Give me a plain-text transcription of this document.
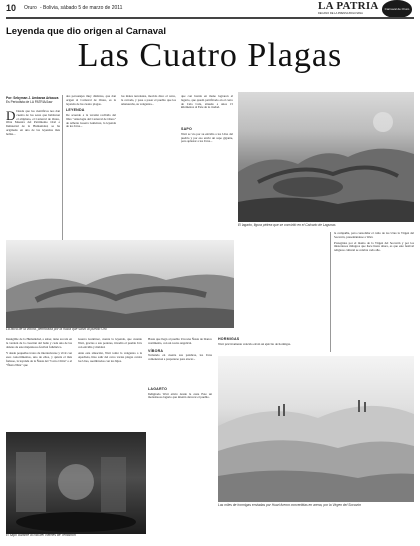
10 Oruro - Bolivia, sábado 5 de marzo de 2011	LA PATRIA
DECANO DE LA PRENSA BOLIVIANA
Carnaval de Oruro
Leyenda que dio origen al Carnaval
Las Cuatro Plagas
Por: Sebyman J. Ambarza Arkauza
Es Periodista de LA PATRIA/Jaw
D Desde que los científicos nos dan cuenta de los seres que habitaron el altiplano, el Carnaval de Oruro, Obra Maestra del Patrimonio Oral e Inmaterial de la Humanidad, se ha originado en una de las leyendas más bellas...
dos personajes muy distintos, que dan origen al Carnaval de Oruro, es la leyenda de las cuatro plagas.
LEYENDA
De acuerdo a la versión recibida del libro "Antología del Carnaval de Oruro" de Alberto Guerra Gutiérrez, la leyenda de los Urus...
los males terrenales, inocido dios: el cerro, la cerrada, y pasa a pasar el pueblo que los amenazaba, su venganza...
que con bonda en mano lograron al lagarto, que quedó petrificado en el cerro de Cala Cala, situado a unos 15 kilómetros al Este de la ciudad.
SAPO
Wari se vio por su envidia a los Urus del pueblo y por eso envió un sapo gigante, para aplastar a los Urus...
El lagarto, figura pétrea que se convirtió en el Calvario de Lagunas
La boca de la víbora, petrificada por la ñusta que salvó al pueblo Uru
la compañía, para consolidar el culto de los Urus la Virgen del Socavón, presentándose a Wari.
Protegidos por el manto de la Virgen del Socavón y por los misteriosos milagros que hace hasta ahora, es que este festival religioso cultural se celebra cada año.
Intangible de la Humanidad, a saber, tiene su raíz en la versión de la creación del baile y cada una de las danzas de este majestuoso festival folklórico.
Y desde pequeños tratos de interiorizarse y vivir con esos conocimientos, uno de ellos, y quizás el más famoso, la leyenda de la Ñusta del "Cerro Chiru" o el "Ñusta Nina" que
Guerra Gutiérrez, cuenta la leyenda, que cuando Wari, gracias a sus poderes, invadió el pueblo Uru con envidia y maldad.
Ante esta situación, Wari tomó la venganza a la Apacheta, hizo salir del cerro varias plagas contra los Urus, asombrados con los hijos.
Hasta que llegó al pueblo Uru una Ñusta de blanco vestimenta, con un rostro angelical.
VÍBORA
Tomando en cuenta sus palabras, los Urus comenzaron a prepararse para atacar...
LAGARTO
Indignado Wari envió desde la zona Este un monstruoso lagarto que intentó devorar el pueblo.
HORMIGAS
Wari prácticamente vencido envió un ejército de hormigas.
El sapo durante la cita del Viernes de Tentación
Las miles de hormigas enviadas por Huari fueron convertidas en arena, por la Virgen del Socavón
